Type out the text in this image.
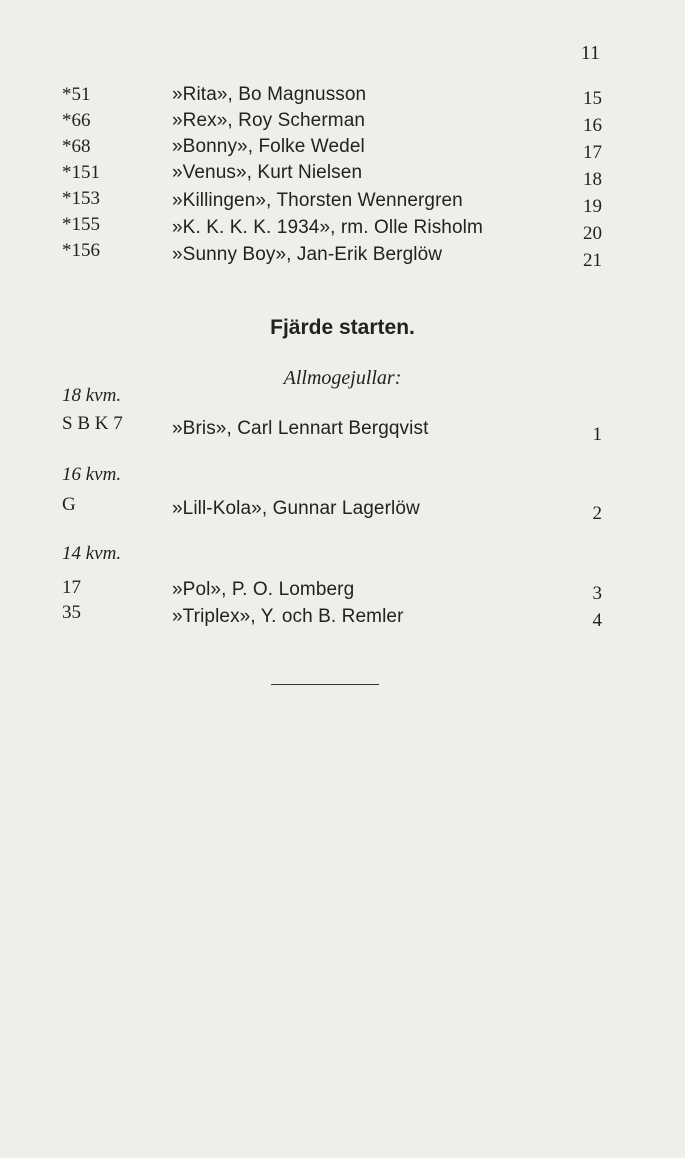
11
*51	»Rita», Bo Magnusson	15
*66	»Rex», Roy Scherman	16
*68	»Bonny», Folke Wedel	17
*151	»Venus», Kurt Nielsen	18
*153	»Killingen», Thorsten Wennergren	19
*155	»K. K. K. K. 1934», rm. Olle Risholm	20
*156	»Sunny Boy», Jan-Erik Berglöw	21
Fjärde starten.
Allmogejullar:
18 kvm.
S B K 7	»Bris», Carl Lennart Bergqvist	1
16 kvm.
G	»Lill-Kola», Gunnar Lagerlöw	2
14 kvm.
17	»Pol», P. O. Lomberg	3
35	»Triplex», Y. och B. Remler	4
